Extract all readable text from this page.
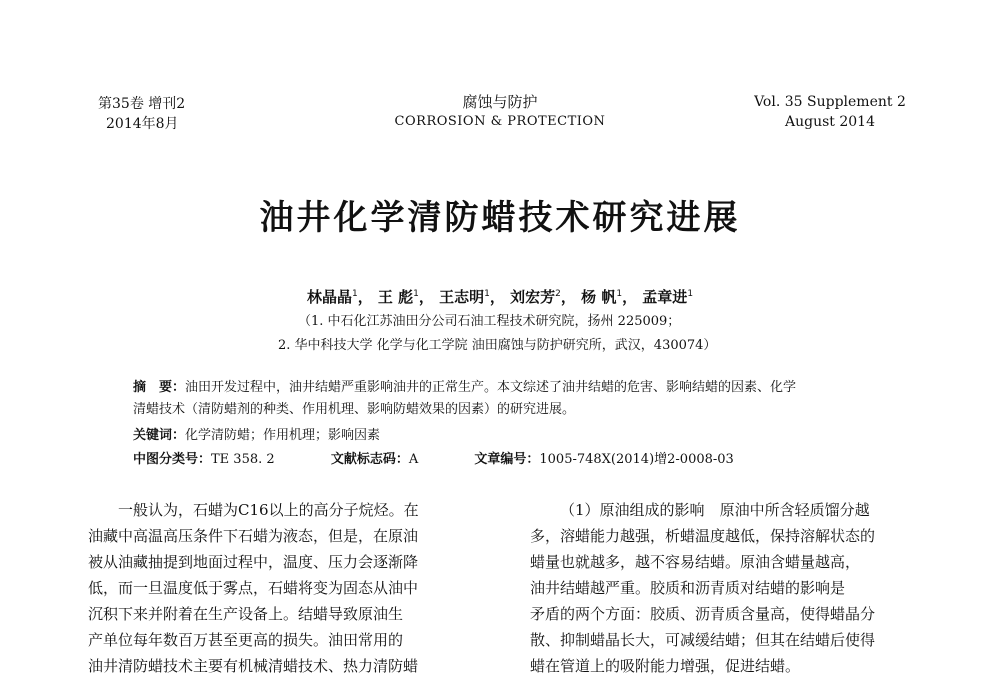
第35卷 增刊2
2014年8月
腐蚀与防护
CORROSION & PROTECTION
Vol. 35 Supplement 2
August 2014
油井化学清防蜡技术研究进展
林晶晶$^1$， 王 彪$^1$， 王志明$^1$， 刘宏芳$^2$， 杨 帆$^1$， 孟章进$^1$
（1. 中石化江苏油田分公司石油工程技术研究院，扬州 225009；
2. 华中科技大学 化学与化工学院 油田腐蚀与防护研究所，武汉，430074）
摘　要：油田开发过程中，油井结蜡严重影响油井的正常生产。本文综述了油井结蜡的危害、影响结蜡的因素、化学
清蜡技术（清防蜡剂的种类、作用机理、影响防蜡效果的因素）的研究进展。
关键词：化学清防蜡；作用机理；影响因素
中图分类号：TE 358. 2	文献标志码：A	文章编号：1005-748X(2014)增2-0008-03

一般认为，石蜡为C16以上的高分子烷烃。在

油藏中高温高压条件下石蜡为液态，但是，在原油

被从油藏抽提到地面过程中，温度、压力会逐渐降

低，而一旦温度低于雾点，石蜡将变为固态从油中

沉积下来并附着在生产设备上。结蜡导致原油生

产单位每年数百万甚至更高的损失。油田常用的

油井清防蜡技术主要有机械清蜡技术、热力清防蜡

（1）原油组成的影响　 原油中所含轻质馏分越

多，溶蜡能力越强，析蜡温度越低，保持溶解状态的

蜡量也就越多，越不容易结蜡。原油含蜡量越高，

油井结蜡越严重。胶质和沥青质对结蜡的影响是

矛盾的两个方面：胶质、沥青质含量高，使得蜡晶分

散、抑制蜡晶长大，可减缓结蜡；但其在结蜡后使得

蜡在管道上的吸附能力增强，促进结蜡。
